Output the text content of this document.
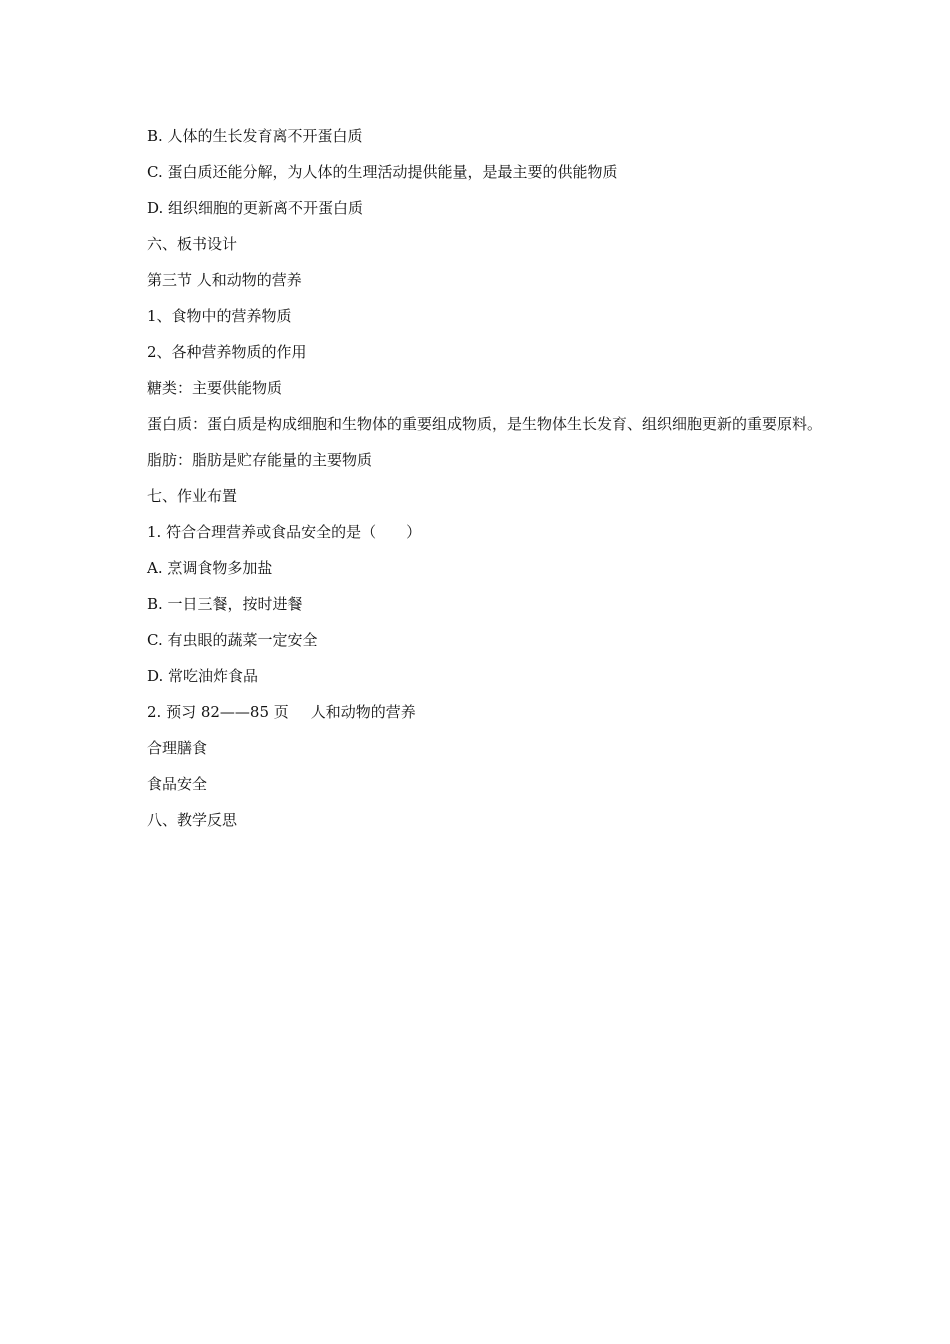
B. 人体的生长发育离不开蛋白质
C. 蛋白质还能分解，为人体的生理活动提供能量，是最主要的供能物质
D. 组织细胞的更新离不开蛋白质
六、板书设计
第三节 人和动物的营养
1、食物中的营养物质
2、各种营养物质的作用
糖类：主要供能物质
蛋白质：蛋白质是构成细胞和生物体的重要组成物质，是生物体生长发育、组织细胞更新的重要原料。
脂肪：脂肪是贮存能量的主要物质
七、作业布置
1. 符合合理营养或食品安全的是（　　）
A. 烹调食物多加盐
B. 一日三餐，按时进餐
C. 有虫眼的蔬菜一定安全
D. 常吃油炸食品
2. 预习 82——85 页 人和动物的营养
合理膳食
食品安全
八、教学反思
